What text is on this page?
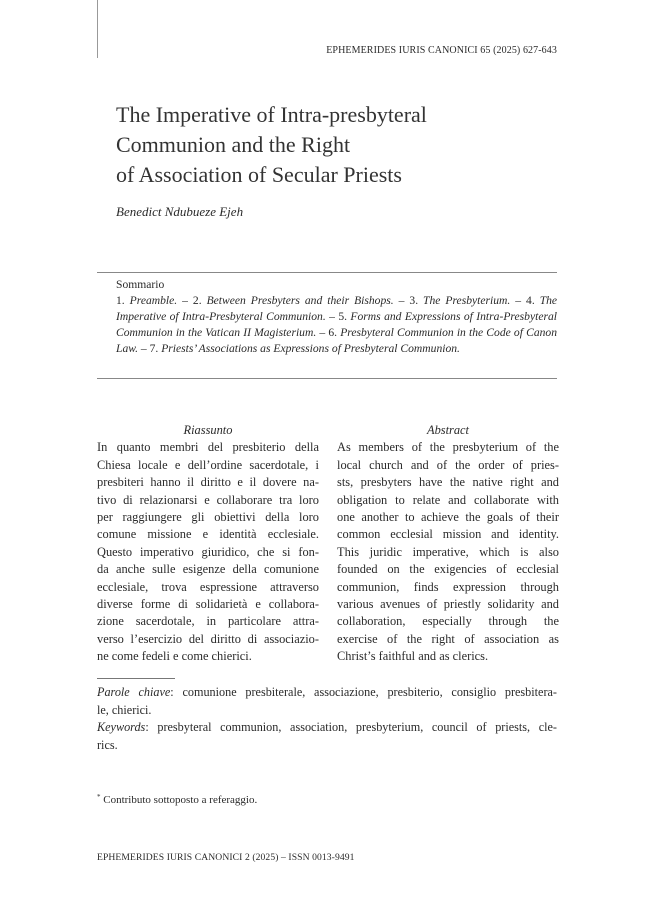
EPHEMERIDES IURIS CANONICI 65 (2025) 627-643
The Imperative of Intra-presbyteral
Communion and the Right
of Association of Secular Priests
Benedict Ndubueze Ejeh
Sommario
1. Preamble. – 2. Between Presbyters and their Bishops. – 3. The Presbyterium. – 4. The Imperative of Intra-Presbyteral Communion. – 5. Forms and Expressions of Intra-Presbyteral Communion in the Vatican II Magisterium. – 6. Presbyteral Communion in the Code of Canon Law. – 7. Priests’ Associations as Expressions of Presbyteral Communion.
Riassunto
In quanto membri del presbiterio della
Chiesa locale e dell’ordine sacerdotale, i
presbiteri hanno il diritto e il dovere na-
tivo di relazionarsi e collaborare tra loro
per raggiungere gli obiettivi della loro
comune missione e identità ecclesiale.
Questo imperativo giuridico, che si fon-
da anche sulle esigenze della comunione
ecclesiale, trova espressione attraverso
diverse forme di solidarietà e collabora-
zione sacerdotale, in particolare attra-
verso l’esercizio del diritto di associazio-
ne come fedeli e come chierici.
Abstract
As members of the presbyterium of the
local church and of the order of pries-
sts, presbyters have the native right and
obligation to relate and collaborate with
one another to achieve the goals of their
common ecclesial mission and identity.
This juridic imperative, which is also
founded on the exigencies of ecclesial
communion, finds expression through
various avenues of priestly solidarity and
collaboration, especially through the
exercise of the right of association as
Christ’s faithful and as clerics.
Parole chiave: comunione presbiterale, associazione, presbiterio, consiglio presbitera-
le, chierici.
Keywords: presbyteral communion, association, presbyterium, council of priests, cle-
rics.
* Contributo sottoposto a referaggio.
EPHEMERIDES IURIS CANONICI 2 (2025) – ISSN 0013-9491
